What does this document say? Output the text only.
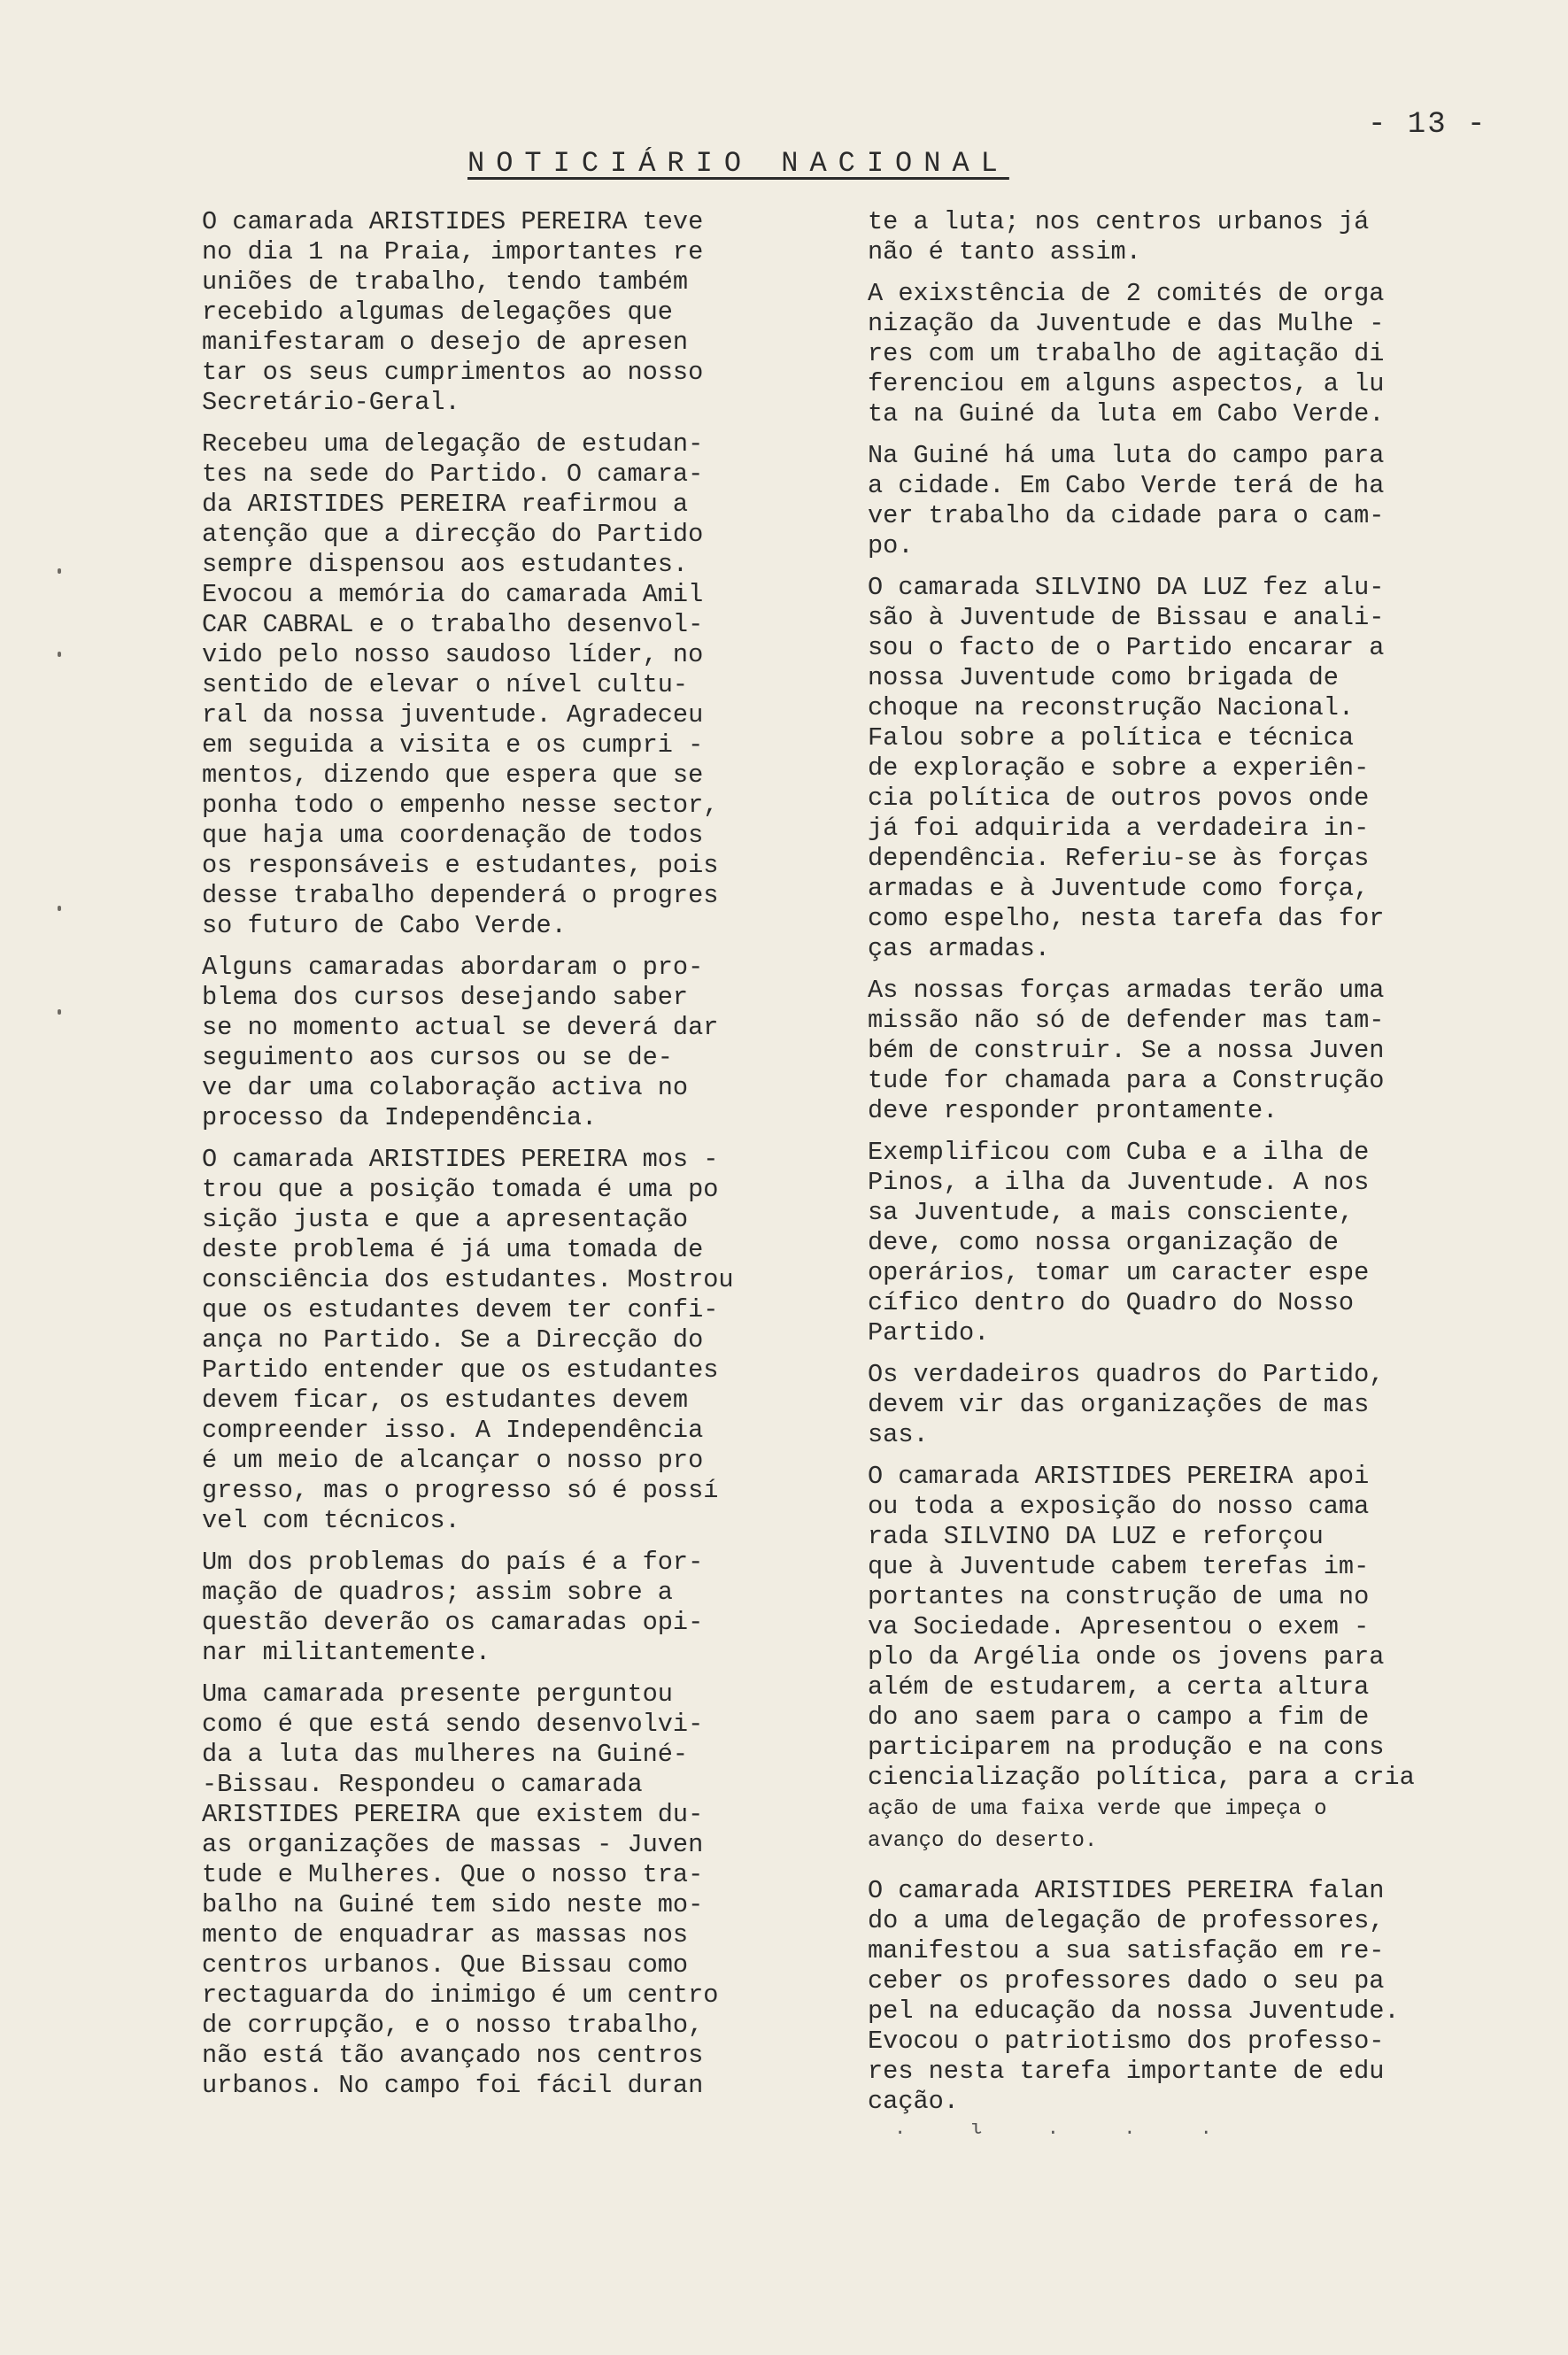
- 13 -
NOTICIÁRIO NACIONAL

O camarada ARISTIDES PEREIRA teve
no dia 1 na Praia, importantes re
uniões de trabalho, tendo também
recebido algumas delegações que
manifestaram o desejo de apresen
tar os seus cumprimentos ao nosso
Secretário-Geral.

Recebeu uma delegação de estudan-
tes na sede do Partido. O camara-
da ARISTIDES PEREIRA reafirmou a
atenção que a direcção do Partido
sempre dispensou aos estudantes.
Evocou a memória do camarada Amil
CAR CABRAL e o trabalho desenvol-
vido pelo nosso saudoso líder, no
sentido de elevar o nível cultu-
ral da nossa juventude. Agradeceu
em seguida a visita e os cumpri -
mentos, dizendo que espera que se
ponha todo o empenho nesse sector,
que haja uma coordenação de todos
os responsáveis e estudantes, pois
desse trabalho dependerá o progres
so futuro de Cabo Verde.

Alguns camaradas abordaram o pro-
blema dos cursos desejando saber
se no momento actual se deverá dar
seguimento aos cursos ou se de-
ve dar uma colaboração activa no
processo da Independência.

O camarada ARISTIDES PEREIRA mos -
trou que a posição tomada é uma po
sição justa e que a apresentação
deste problema é já uma tomada de
consciência dos estudantes. Mostrou
que os estudantes devem ter confi-
ança no Partido. Se a Direcção do
Partido entender que os estudantes
devem ficar, os estudantes devem
compreender isso. A Independência
é um meio de alcançar o nosso pro
gresso, mas o progresso só é possí
vel com técnicos.

Um dos problemas do país é a for-
mação de quadros; assim sobre a
questão deverão os camaradas opi-
nar militantemente.

Uma camarada presente perguntou
como é que está sendo desenvolvi-
da a luta das mulheres na Guiné-
-Bissau. Respondeu o camarada
ARISTIDES PEREIRA que existem du-
as organizações de massas - Juven
tude e Mulheres. Que o nosso tra-
balho na Guiné tem sido neste mo-
mento de enquadrar as massas nos
centros urbanos. Que Bissau como
rectaguarda do inimigo é um centro
de corrupção, e o nosso trabalho,
não está tão avançado nos centros
urbanos. No campo foi fácil duran

te a luta; nos centros urbanos já
não é tanto assim.

A exixstência de 2 comités de orga
nização da Juventude e das Mulhe -
res com um trabalho de agitação di
ferenciou em alguns aspectos, a lu
ta na Guiné da luta em Cabo Verde.

Na Guiné há uma luta do campo para
a cidade. Em Cabo Verde terá de ha
ver trabalho da cidade para o cam-
po.

O camarada SILVINO DA LUZ fez alu-
são à Juventude de Bissau e anali-
sou o facto de o Partido encarar a
nossa Juventude como brigada de
choque na reconstrução Nacional.
Falou sobre a política e técnica
de exploração e sobre a experiên-
cia política de outros povos onde
já foi adquirida a verdadeira in-
dependência. Referiu-se às forças
armadas e à Juventude como força,
como espelho, nesta tarefa das for
ças armadas.

As nossas forças armadas terão uma
missão não só de defender mas tam-
bém de construir. Se a nossa Juven
tude for chamada para a Construção
deve responder prontamente.

Exemplificou com Cuba e a ilha de
Pinos, a ilha da Juventude. A nos
sa Juventude, a mais consciente,
deve, como nossa organização de
operários, tomar um caracter espe
cífico dentro do Quadro do Nosso
Partido.

Os verdadeiros quadros do Partido,
devem vir das organizações de mas
sas.

O camarada ARISTIDES PEREIRA apoi
ou toda a exposição do nosso cama
rada SILVINO DA LUZ e reforçou
que à Juventude cabem terefas im-
portantes na construção de uma no
va Sociedade. Apresentou o exem -
plo da Argélia onde os jovens para
além de estudarem, a certa altura
do ano saem para o campo a fim de
participarem na produção e na cons
ciencialização política, para a cria
ação de uma faixa verde que impeça o
avanço do deserto.

O camarada ARISTIDES PEREIRA falan
do a uma delegação de professores,
manifestou a sua satisfação em re-
ceber os professores dado o seu pa
pel na educação da nossa Juventude.
Evocou o patriotismo dos professo-
res nesta tarefa importante de edu
cação.

. ι . . .
